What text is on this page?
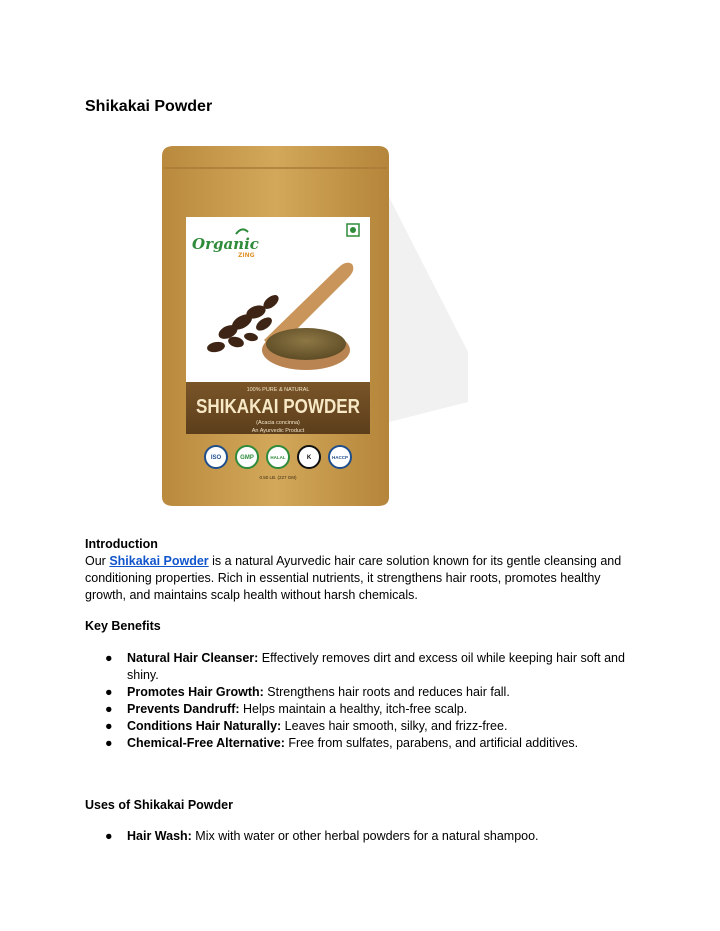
Shikakai Powder
Organic
ZING
100% PURE & NATURAL
SHIKAKAI POWDER
(Acacia concinna)
An Ayurvedic Product
ISO	GMP	HALAL	K	HACCP
0.50 LB. (227 GM)
Introduction
Our Shikakai Powder is a natural Ayurvedic hair care solution known for its gentle cleansing and conditioning properties. Rich in essential nutrients, it strengthens hair roots, promotes healthy growth, and maintains scalp health without harsh chemicals.
Key Benefits
● Natural Hair Cleanser: Effectively removes dirt and excess oil while keeping hair soft and shiny.
● Promotes Hair Growth: Strengthens hair roots and reduces hair fall.
● Prevents Dandruff: Helps maintain a healthy, itch-free scalp.
● Conditions Hair Naturally: Leaves hair smooth, silky, and frizz-free.
● Chemical-Free Alternative: Free from sulfates, parabens, and artificial additives.
Uses of Shikakai Powder
● Hair Wash: Mix with water or other herbal powders for a natural shampoo.
